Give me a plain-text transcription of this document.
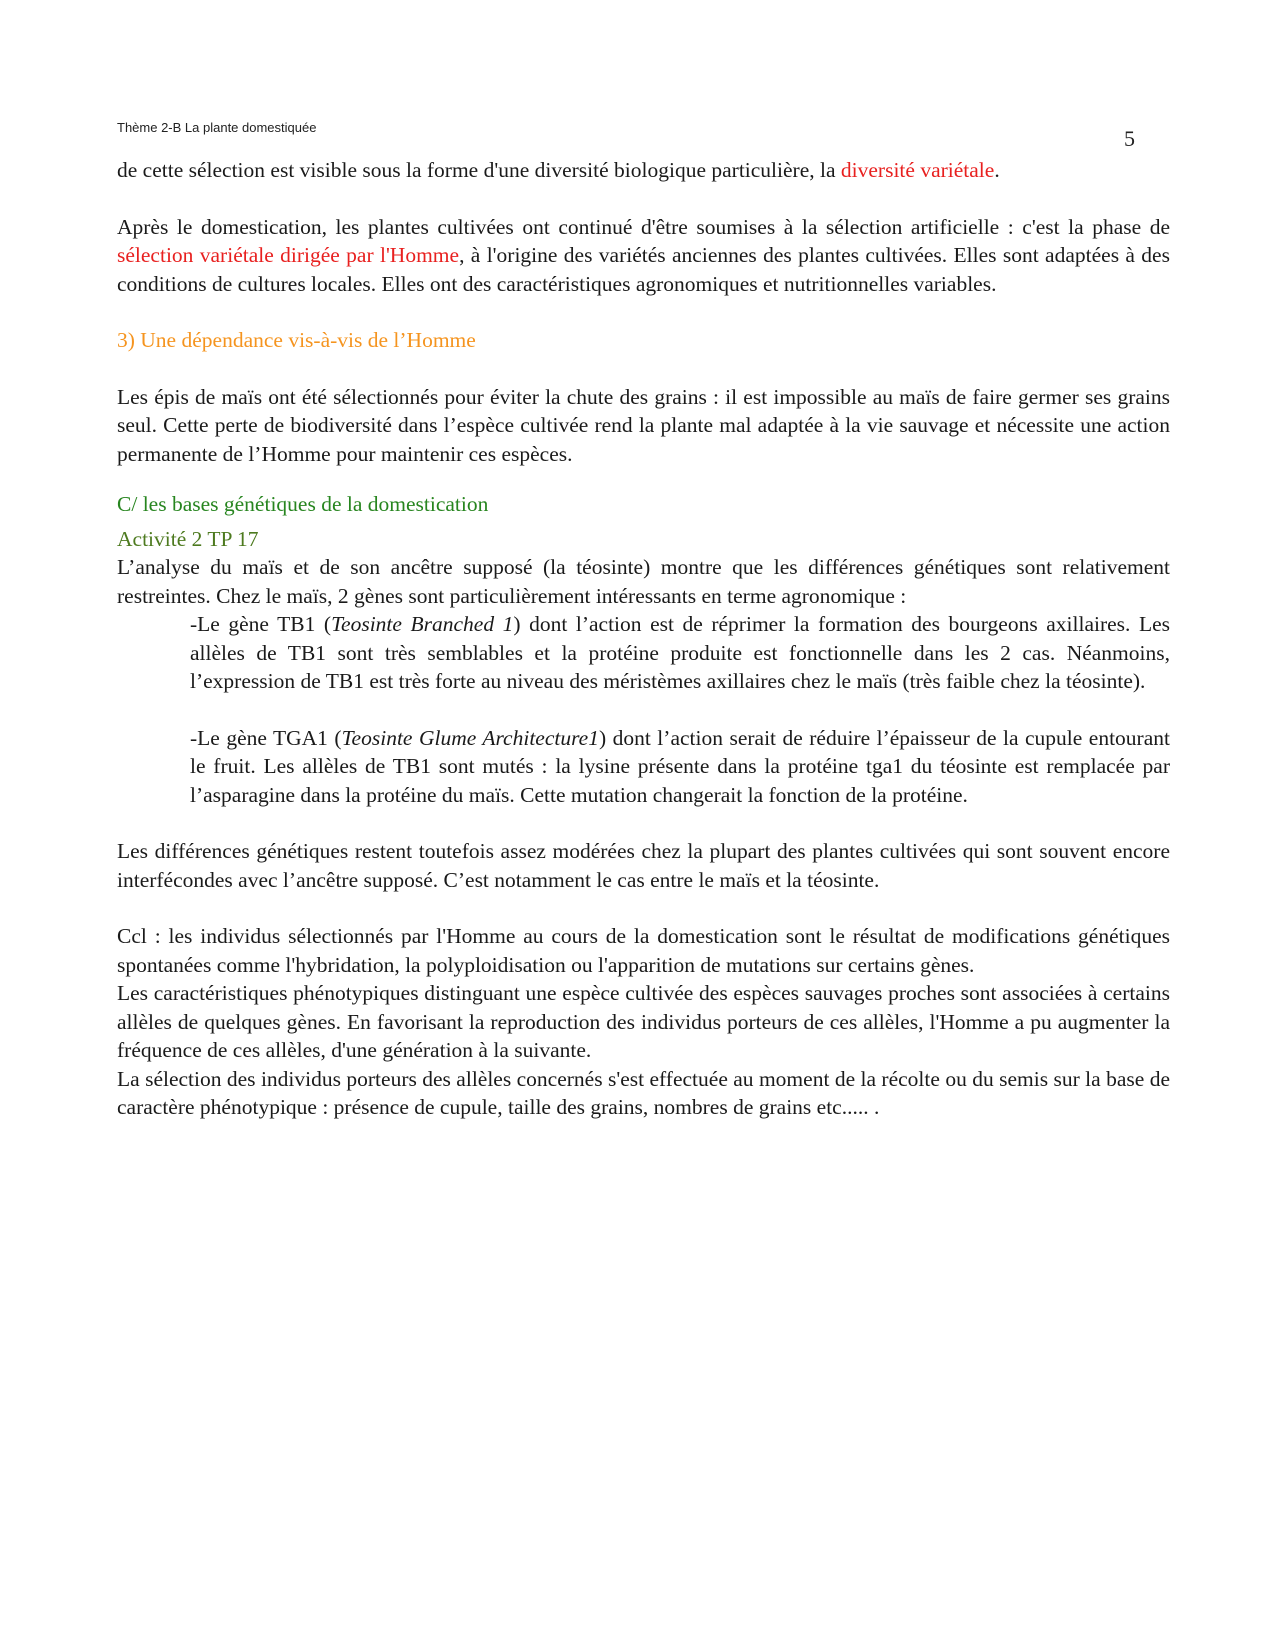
Thème 2-B La plante domestiquée	5

de cette sélection est visible sous la forme d'une diversité biologique particulière, la diversité variétale.

Après le domestication, les plantes cultivées ont continué d'être soumises à la sélection artificielle : c'est la phase de sélection variétale dirigée par l'Homme, à l'origine des variétés anciennes des plantes cultivées. Elles sont adaptées à des conditions de cultures locales. Elles ont des caractéristiques agronomiques et nutritionnelles variables.

3) Une dépendance vis-à-vis de l’Homme

Les épis de maïs ont été sélectionnés pour éviter la chute des grains : il est impossible au maïs de faire germer ses grains seul. Cette perte de biodiversité dans l’espèce cultivée rend la plante mal adaptée à la vie sauvage et nécessite une action permanente de l’Homme pour maintenir ces espèces.

C/ les bases génétiques de la domestication

Activité 2 TP 17

L’analyse du maïs et de son ancêtre supposé (la téosinte) montre que les différences génétiques sont relativement restreintes. Chez le maïs, 2 gènes sont particulièrement intéressants en terme agronomique :

-Le gène TB1 (Teosinte Branched 1) dont l’action est de réprimer la formation des bourgeons axillaires. Les allèles de TB1 sont très semblables et la protéine produite est fonctionnelle dans les 2 cas. Néanmoins, l’expression de TB1 est très forte au niveau des méristèmes axillaires chez le maïs (très faible chez la téosinte).

-Le gène TGA1 (Teosinte Glume Architecture1) dont l’action serait de réduire l’épaisseur de la cupule entourant le fruit. Les allèles de TB1 sont mutés : la lysine présente dans la protéine tga1 du téosinte est remplacée par l’asparagine dans la protéine du maïs. Cette mutation changerait la fonction de la protéine.

Les différences génétiques restent toutefois assez modérées chez la plupart des plantes cultivées qui sont souvent encore interfécondes avec l’ancêtre supposé. C’est notamment le cas entre le maïs et la téosinte.

Ccl : les individus sélectionnés par l'Homme au cours de la domestication sont le résultat de modifications génétiques spontanées comme l'hybridation, la polyploidisation ou l'apparition de mutations sur certains gènes.

Les caractéristiques phénotypiques distinguant une espèce cultivée des espèces sauvages proches sont associées à certains allèles de quelques gènes. En favorisant la reproduction des individus porteurs de ces allèles, l'Homme a pu augmenter la fréquence de ces allèles, d'une génération à la suivante.

La sélection des individus porteurs des allèles concernés s'est effectuée au moment de la récolte ou du semis sur la base de caractère phénotypique : présence de cupule, taille des grains, nombres de grains etc..... .
